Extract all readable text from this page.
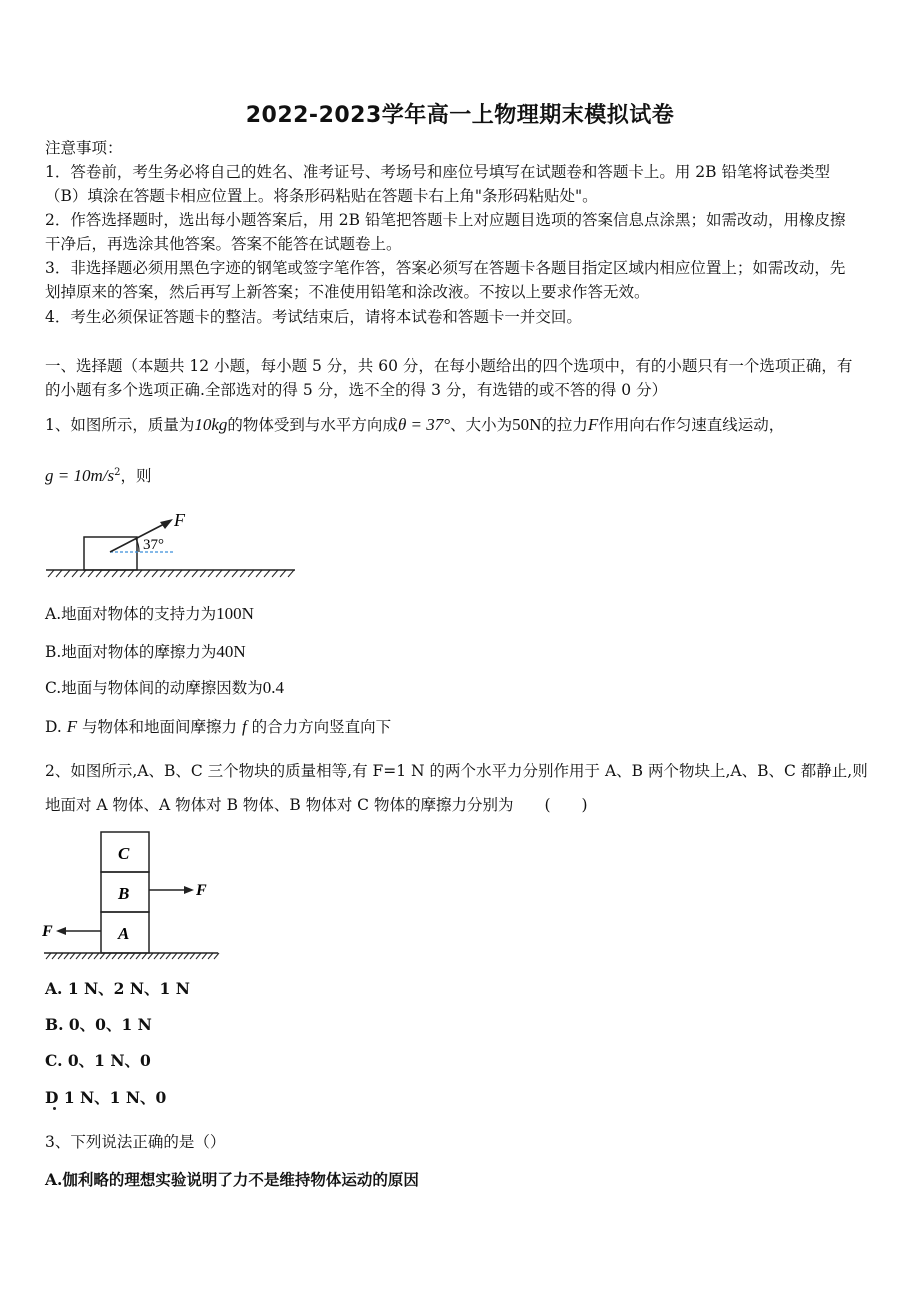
2022-2023学年高一上物理期末模拟试卷
注意事项：
1．答卷前，考生务必将自己的姓名、准考证号、考场号和座位号填写在试题卷和答题卡上。用 2B 铅笔将试卷类型
（B）填涂在答题卡相应位置上。将条形码粘贴在答题卡右上角"条形码粘贴处"。
2．作答选择题时，选出每小题答案后，用 2B 铅笔把答题卡上对应题目选项的答案信息点涂黑；如需改动，用橡皮擦
干净后，再选涂其他答案。答案不能答在试题卷上。
3．非选择题必须用黑色字迹的钢笔或签字笔作答，答案必须写在答题卡各题目指定区域内相应位置上；如需改动，先
划掉原来的答案，然后再写上新答案；不准使用铅笔和涂改液。不按以上要求作答无效。
4．考生必须保证答题卡的整洁。考试结束后，请将本试卷和答题卡一并交回。
一、选择题（本题共 12 小题，每小题 5 分，共 60 分，在每小题给出的四个选项中，有的小题只有一个选项正确，有
的小题有多个选项正确.全部选对的得 5 分，选不全的得 3 分，有选错的或不答的得 0 分）
1、如图所示，质量为10kg的物体受到与水平方向成θ = 37°、大小为50N的拉力F作用向右作匀速直线运动，
$g = 10m/s^2$，则
37°
F
A.地面对物体的支持力为100N
B.地面对物体的摩擦力为40N
C.地面与物体间的动摩擦因数为0.4
D. F 与物体和地面间摩擦力 f 的合力方向竖直向下
2、如图所示,A、B、C 三个物块的质量相等,有 F=1 N 的两个水平力分别作用于 A、B 两个物块上,A、B、C 都静止,则
地面对 A 物体、A 物体对 B 物体、B 物体对 C 物体的摩擦力分别为　　(　　)
C
B
A
F
F
A. 1 N、2 N、1 N
B. 0、0、1 N
C. 0、1 N、0
D 1 N、1 N、0
3、下列说法正确的是（）
A.伽利略的理想实验说明了力不是维持物体运动的原因
